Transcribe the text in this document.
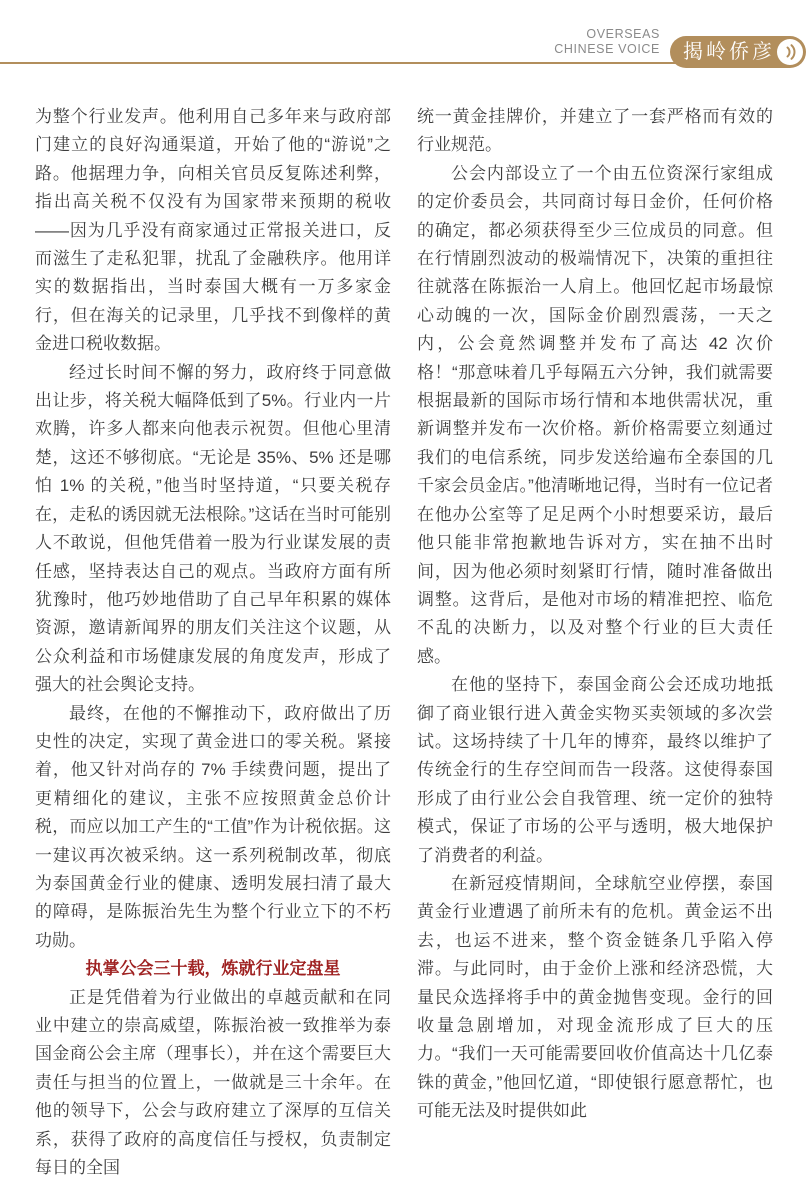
OVERSEAS
CHINESE VOICE	揭岭侨彦

为整个行业发声。他利用自己多年来与政府部门建立的良好沟通渠道，开始了他的“游说”之路。他据理力争，向相关官员反复陈述利弊，指出高关税不仅没有为国家带来预期的税收——因为几乎没有商家通过正常报关进口，反而滋生了走私犯罪，扰乱了金融秩序。他用详实的数据指出，当时泰国大概有一万多家金行，但在海关的记录里，几乎找不到像样的黄金进口税收数据。

经过长时间不懈的努力，政府终于同意做出让步，将关税大幅降低到了5%。行业内一片欢腾，许多人都来向他表示祝贺。但他心里清楚，这还不够彻底。“无论是 35%、5% 还是哪怕 1% 的关税，”他当时坚持道，“只要关税存在，走私的诱因就无法根除。”这话在当时可能别人不敢说，但他凭借着一股为行业谋发展的责任感，坚持表达自己的观点。当政府方面有所犹豫时，他巧妙地借助了自己早年积累的媒体资源，邀请新闻界的朋友们关注这个议题，从公众利益和市场健康发展的角度发声，形成了强大的社会舆论支持。

最终，在他的不懈推动下，政府做出了历史性的决定，实现了黄金进口的零关税。紧接着，他又针对尚存的 7% 手续费问题，提出了更精细化的建议，主张不应按照黄金总价计税，而应以加工产生的“工值”作为计税依据。这一建议再次被采纳。这一系列税制改革，彻底为泰国黄金行业的健康、透明发展扫清了最大的障碍，是陈振治先生为整个行业立下的不朽功勋。

执掌公会三十载，炼就行业定盘星

正是凭借着为行业做出的卓越贡献和在同业中建立的崇高威望，陈振治被一致推举为泰国金商公会主席（理事长），并在这个需要巨大责任与担当的位置上，一做就是三十余年。在他的领导下，公会与政府建立了深厚的互信关系，获得了政府的高度信任与授权，负责制定每日的全国

统一黄金挂牌价，并建立了一套严格而有效的行业规范。

公会内部设立了一个由五位资深行家组成的定价委员会，共同商讨每日金价，任何价格的确定，都必须获得至少三位成员的同意。但在行情剧烈波动的极端情况下，决策的重担往往就落在陈振治一人肩上。他回忆起市场最惊心动魄的一次，国际金价剧烈震荡，一天之内，公会竟然调整并发布了高达 42 次价格！“那意味着几乎每隔五六分钟，我们就需要根据最新的国际市场行情和本地供需状况，重新调整并发布一次价格。新价格需要立刻通过我们的电信系统，同步发送给遍布全泰国的几千家会员金店。”他清晰地记得，当时有一位记者在他办公室等了足足两个小时想要采访，最后他只能非常抱歉地告诉对方，实在抽不出时间，因为他必须时刻紧盯行情，随时准备做出调整。这背后，是他对市场的精准把控、临危不乱的决断力，以及对整个行业的巨大责任感。

在他的坚持下，泰国金商公会还成功地抵御了商业银行进入黄金实物买卖领域的多次尝试。这场持续了十几年的博弈，最终以维护了传统金行的生存空间而告一段落。这使得泰国形成了由行业公会自我管理、统一定价的独特模式，保证了市场的公平与透明，极大地保护了消费者的利益。

在新冠疫情期间，全球航空业停摆，泰国黄金行业遭遇了前所未有的危机。黄金运不出去，也运不进来，整个资金链条几乎陷入停滞。与此同时，由于金价上涨和经济恐慌，大量民众选择将手中的黄金抛售变现。金行的回收量急剧增加，对现金流形成了巨大的压力。“我们一天可能需要回收价值高达十几亿泰铢的黄金，”他回忆道，“即使银行愿意帮忙，也可能无法及时提供如此
